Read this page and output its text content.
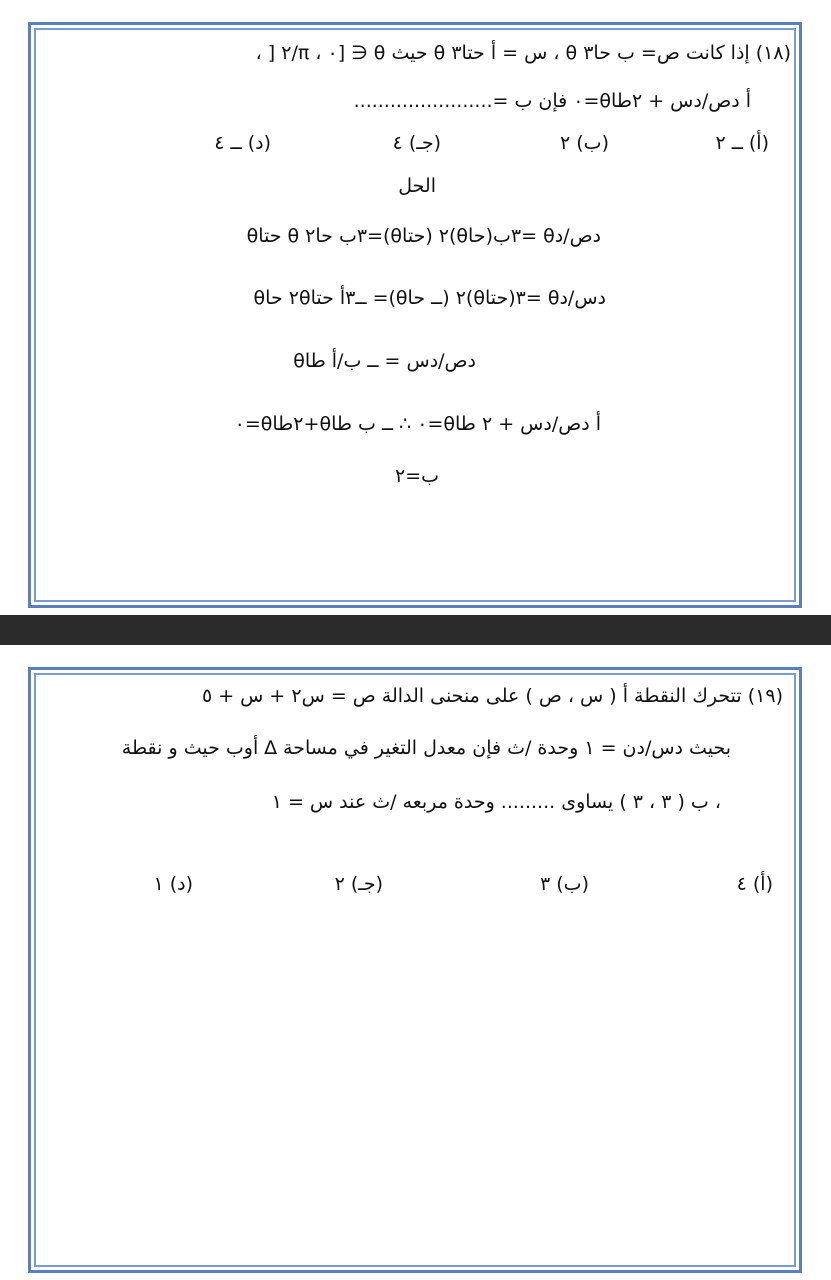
(١٨) إذا كانت ص= ب حا٣ θ ، س = أ حتا٣ θ حيث θ ∈ [٠ ، π/٢ [ ،
أ دص/دس + ٢طاθ=٠ فإن ب =.......................
(أ) ــ ٢
(ب) ٢
(جـ) ٤
(د) ــ ٤
الحل
دص/دθ =٣ب(حاθ)٢ (حتاθ)=٣ب حا٢ θ حتاθ
دس/دθ =٣(حتاθ)٢ (ــ حاθ)= ــ٣أ حتا٢θ حاθ
دص/دس = ــ ب/أ طاθ
أ دص/دس + ٢ طاθ=٠ ∴ ــ ب طاθ+٢طاθ=٠
ب=٢
(١٩) تتحرك النقطة أ ( س ، ص ) على منحنى الدالة ص = س٢ + س + ٥
بحيث دس/دن = ١ وحدة /ث فإن معدل التغير في مساحة ∆ أوب حيث و نقطة
، ب ( ٣ ، ٣ ) يساوى ......... وحدة مربعه /ث عند س = ١
(أ) ٤
(ب) ٣
(جـ) ٢
(د) ١
